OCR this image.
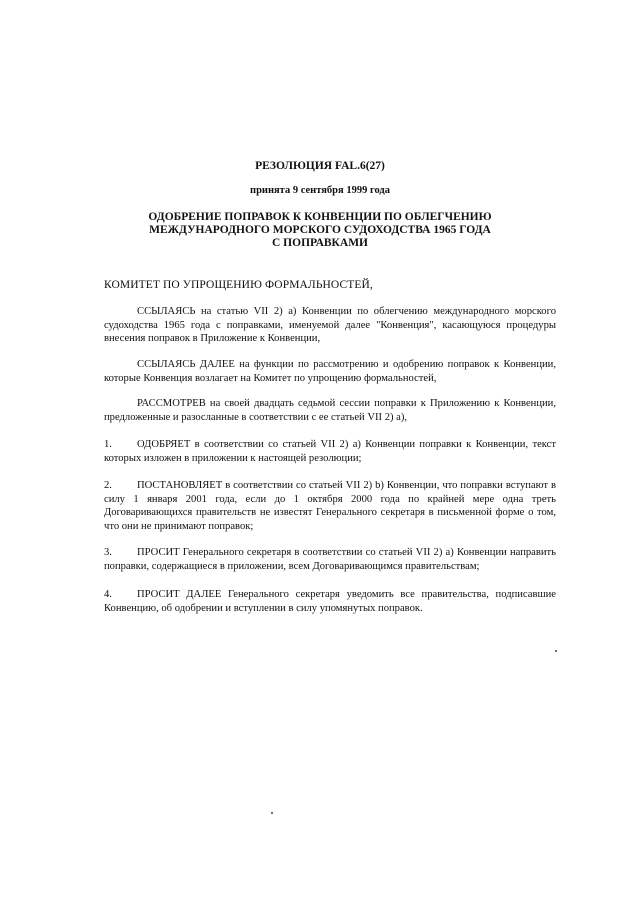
РЕЗОЛЮЦИЯ FAL.6(27)
принята 9 сентября 1999 года
ОДОБРЕНИЕ ПОПРАВОК К КОНВЕНЦИИ ПО ОБЛЕГЧЕНИЮ
МЕЖДУНАРОДНОГО МОРСКОГО СУДОХОДСТВА 1965 ГОДА
С ПОПРАВКАМИ
КОМИТЕТ ПО УПРОЩЕНИЮ ФОРМАЛЬНОСТЕЙ,
ССЫЛАЯСЬ на статью VII 2) а) Конвенции по облегчению международного морского судоходства 1965 года с поправками, именуемой далее "Конвенция", касающуюся процедуры внесения поправок в Приложение к Конвенции,
ССЫЛАЯСЬ ДАЛЕЕ на функции по рассмотрению и одобрению поправок к Конвенции, которые Конвенция возлагает на Комитет по упрощению формальностей,
РАССМОТРЕВ на своей двадцать седьмой сессии поправки к Приложению к Конвенции, предложенные и разосланные в соответствии с ее статьей VII 2) а),
1. ОДОБРЯЕТ в соответствии со статьей VII 2) а) Конвенции поправки к Конвенции, текст которых изложен в приложении к настоящей резолюции;
2. ПОСТАНОВЛЯЕТ в соответствии со статьей VII 2) b) Конвенции, что поправки вступают в силу 1 января 2001 года, если до 1 октября 2000 года по крайней мере одна треть Договаривающихся правительств не известят Генерального секретаря в письменной форме о том, что они не принимают поправок;
3. ПРОСИТ Генерального секретаря в соответствии со статьей VII 2) а) Конвенции направить поправки, содержащиеся в приложении, всем Договаривающимся правительствам;
4. ПРОСИТ ДАЛЕЕ Генерального секретаря уведомить все правительства, подписавшие Конвенцию, об одобрении и вступлении в силу упомянутых поправок.
